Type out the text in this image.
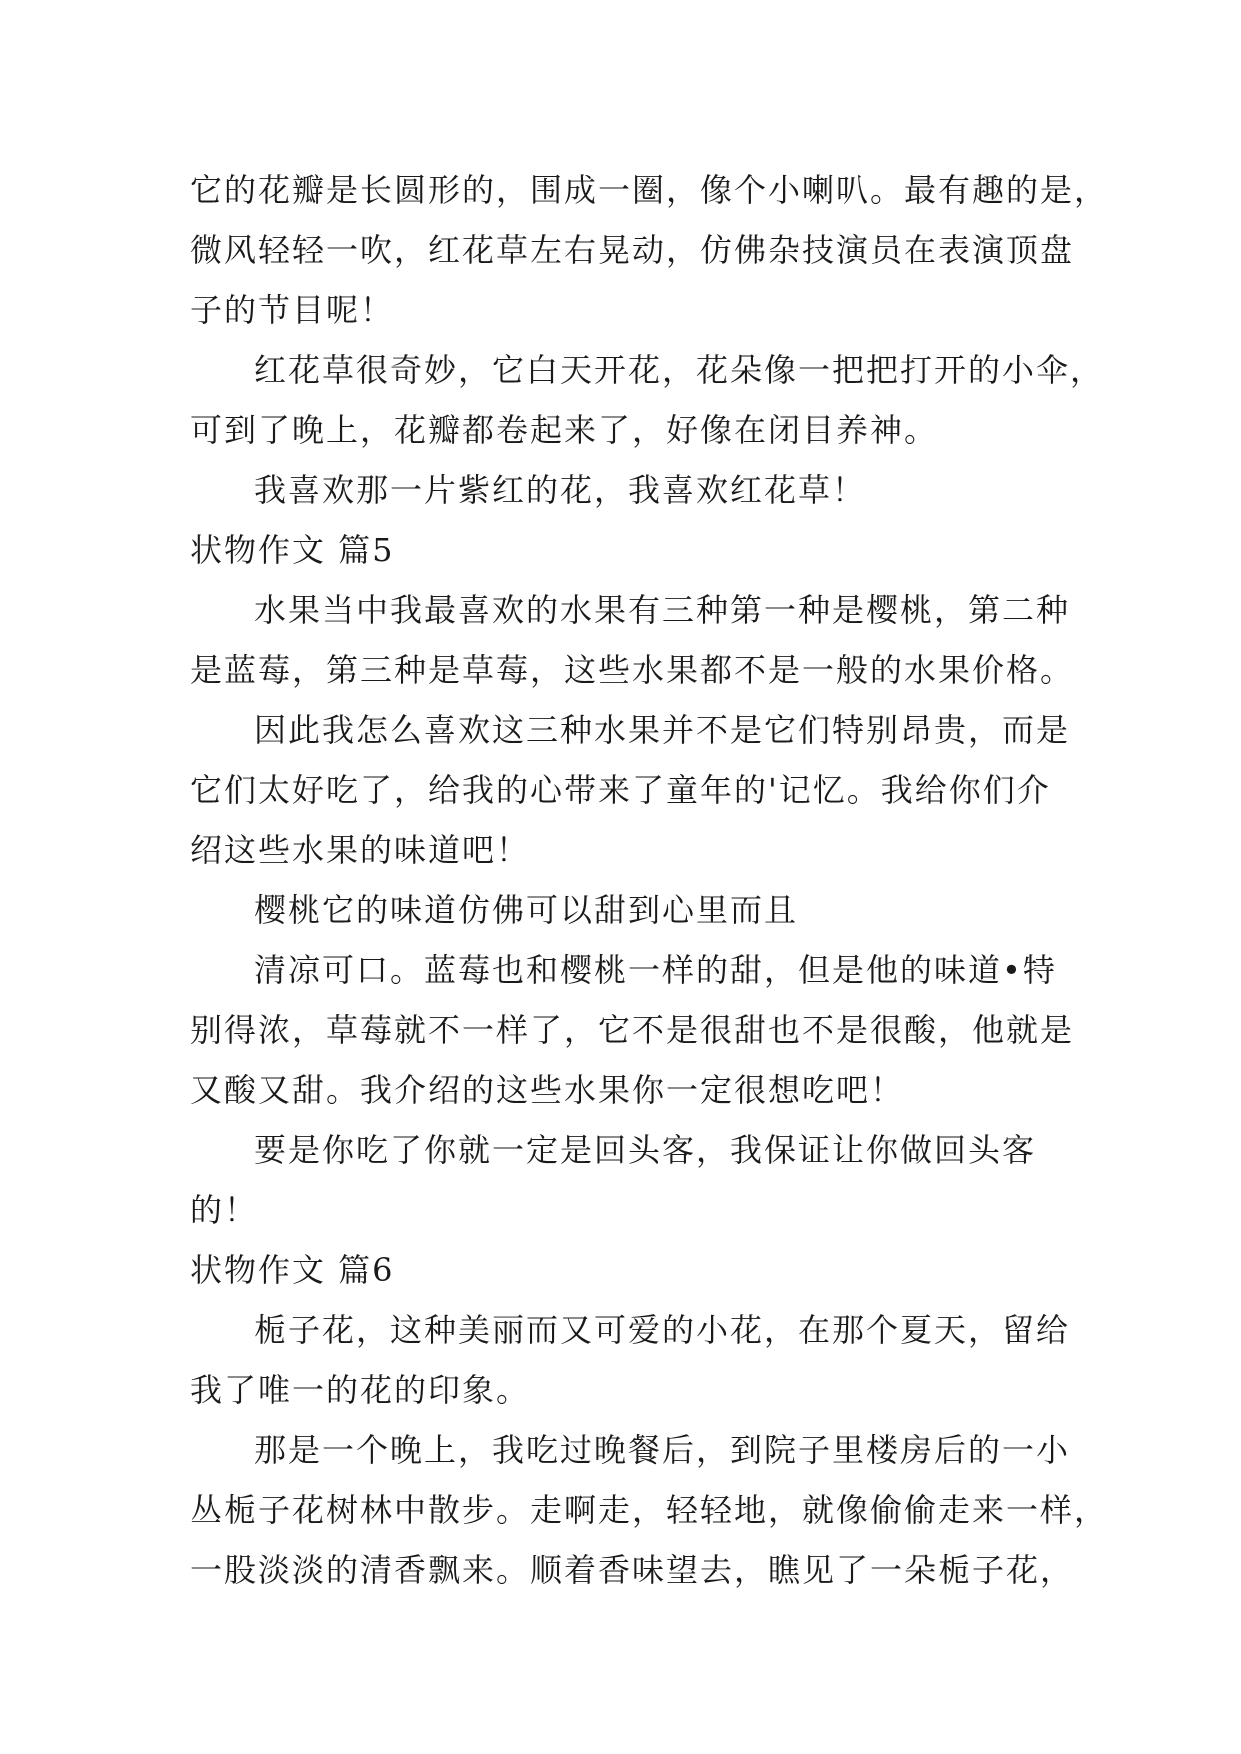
它的花瓣是长圆形的，围成一圈，像个小喇叭。最有趣的是，
微风轻轻一吹，红花草左右晃动，仿佛杂技演员在表演顶盘
子的节目呢！
红花草很奇妙，它白天开花，花朵像一把把打开的小伞，
可到了晚上，花瓣都卷起来了，好像在闭目养神。
我喜欢那一片紫红的花，我喜欢红花草！
状物作文 篇5
水果当中我最喜欢的水果有三种第一种是樱桃，第二种
是蓝莓，第三种是草莓，这些水果都不是一般的水果价格。
因此我怎么喜欢这三种水果并不是它们特别昂贵，而是
它们太好吃了，给我的心带来了童年的'记忆。我给你们介
绍这些水果的味道吧！
樱桃它的味道仿佛可以甜到心里而且
清凉可口。蓝莓也和樱桃一样的甜，但是他的味道•特
别得浓，草莓就不一样了，它不是很甜也不是很酸，他就是
又酸又甜。我介绍的这些水果你一定很想吃吧！
要是你吃了你就一定是回头客，我保证让你做回头客
的！
状物作文 篇6
栀子花，这种美丽而又可爱的小花，在那个夏天，留给
我了唯一的花的印象。
那是一个晚上，我吃过晚餐后，到院子里楼房后的一小
丛栀子花树林中散步。走啊走，轻轻地，就像偷偷走来一样，
一股淡淡的清香飘来。顺着香味望去，瞧见了一朵栀子花，
